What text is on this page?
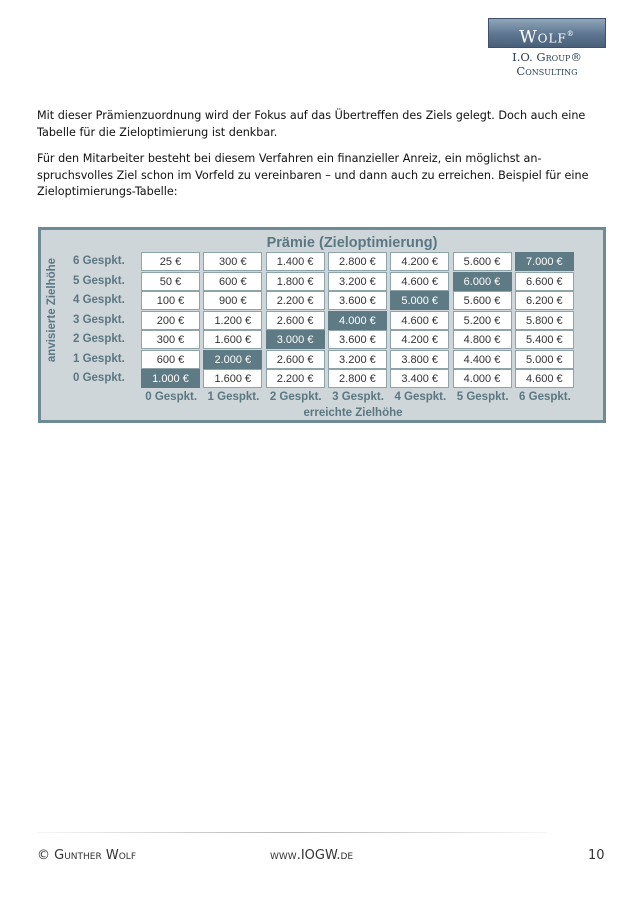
Wolf®
I.O. Group®
Consulting

Mit dieser Prämienzuordnung wird der Fokus auf das Übertreffen des Ziels gelegt. Doch auch eine Tabelle für die Zieloptimierung ist denkbar.

Für den Mitarbeiter besteht bei diesem Verfahren ein finanzieller Anreiz, ein möglichst an-spruchsvolles Ziel schon im Vorfeld zu vereinbaren – und dann auch zu erreichen. Beispiel für eine Zieloptimierungs-Tabelle:

Prämie (Zieloptimierung)
erreichte Zielhöhe
6 Gespkt.	25 €	300 €	1.400 €	2.800 €	4.200 €	5.600 €	7.000 €
5 Gespkt.	50 €	600 €	1.800 €	3.200 €	4.600 €	6.000 €	6.600 €
4 Gespkt.	100 €	900 €	2.200 €	3.600 €	5.000 €	5.600 €	6.200 €
3 Gespkt.	200 €	1.200 €	2.600 €	4.000 €	4.600 €	5.200 €	5.800 €
2 Gespkt.	300 €	1.600 €	3.000 €	3.600 €	4.200 €	4.800 €	5.400 €
1 Gespkt.	600 €	2.000 €	2.600 €	3.200 €	3.800 €	4.400 €	5.000 €
0 Gespkt.	1.000 €	1.600 €	2.200 €	2.800 €	3.400 €	4.000 €	4.600 €
0 Gespkt. 1 Gespkt. 2 Gespkt. 3 Gespkt. 4 Gespkt. 5 Gespkt. 6 Gespkt.
anvisierte Zielhöhe
© Gunther Wolf	www.IOGW.de	10
